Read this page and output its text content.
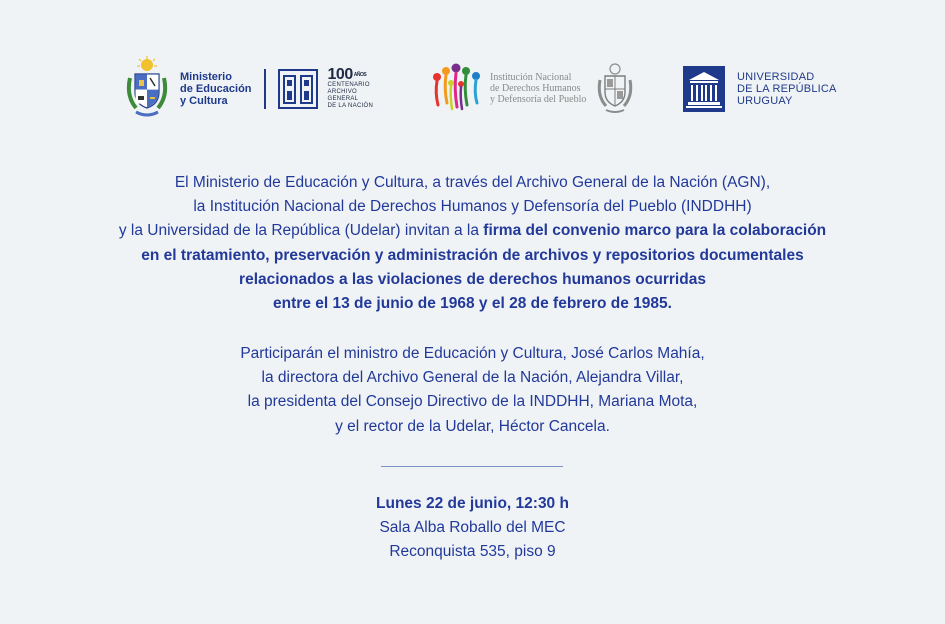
Ministerio
de Educación
y Cultura
$100^{AÑOS}$
CENTENARIO
ARCHIVO
GENERAL
DE LA NACIÓN
Institución Nacional
de Derechos Humanos
y Defensoría del Pueblo
UNIVERSIDAD
DE LA REPÚBLICA
URUGUAY
El Ministerio de Educación y Cultura, a través del Archivo General de la Nación (AGN),
la Institución Nacional de Derechos Humanos y Defensoría del Pueblo (INDDHH)
y la Universidad de la República (Udelar) invitan a la firma del convenio marco para la colaboración
en el tratamiento, preservación y administración de archivos y repositorios documentales
relacionados a las violaciones de derechos humanos ocurridas
entre el 13 de junio de 1968 y el 28 de febrero de 1985.
Participarán el ministro de Educación y Cultura, José Carlos Mahía,
la directora del Archivo General de la Nación, Alejandra Villar,
la presidenta del Consejo Directivo de la INDDHH, Mariana Mota,
y el rector de la Udelar, Héctor Cancela.
Lunes 22 de junio, 12:30 h
Sala Alba Roballo del MEC
Reconquista 535, piso 9
